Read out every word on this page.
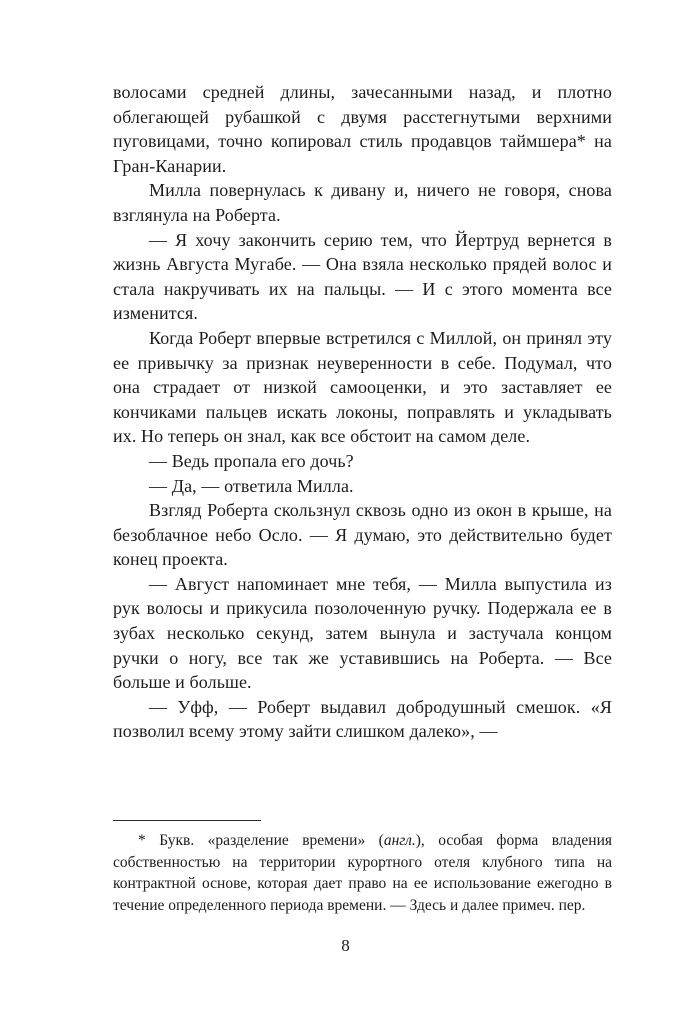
волосами средней длины, зачесанными назад, и плотно облегающей рубашкой с двумя расстегнутыми верхними пуговицами, точно копировал стиль продавцов таймшера* на Гран-Канарии.

Милла повернулась к дивану и, ничего не говоря, снова взглянула на Роберта.

— Я хочу закончить серию тем, что Йертруд вернется в жизнь Августа Мугабе. — Она взяла несколько прядей волос и стала накручивать их на пальцы. — И с этого момента все изменится.

Когда Роберт впервые встретился с Миллой, он принял эту ее привычку за признак неуверенности в себе. Подумал, что она страдает от низкой самооценки, и это заставляет ее кончиками пальцев искать локоны, поправлять и укладывать их. Но теперь он знал, как все обстоит на самом деле.

— Ведь пропала его дочь?

— Да, — ответила Милла.

Взгляд Роберта скользнул сквозь одно из окон в крыше, на безоблачное небо Осло. — Я думаю, это действительно будет конец проекта.

— Август напоминает мне тебя, — Милла выпустила из рук волосы и прикусила позолоченную ручку. Подержала ее в зубах несколько секунд, затем вынула и застучала концом ручки о ногу, все так же уставившись на Роберта. — Все больше и больше.

— Уфф, — Роберт выдавил добродушный смешок. «Я позволил всему этому зайти слишком далеко», —

* Букв. «разделение времени» (англ.), особая форма владения собственностью на территории курортного отеля клубного типа на контрактной основе, которая дает право на ее использование ежегодно в течение определенного периода времени. — Здесь и далее примеч. пер.

8
